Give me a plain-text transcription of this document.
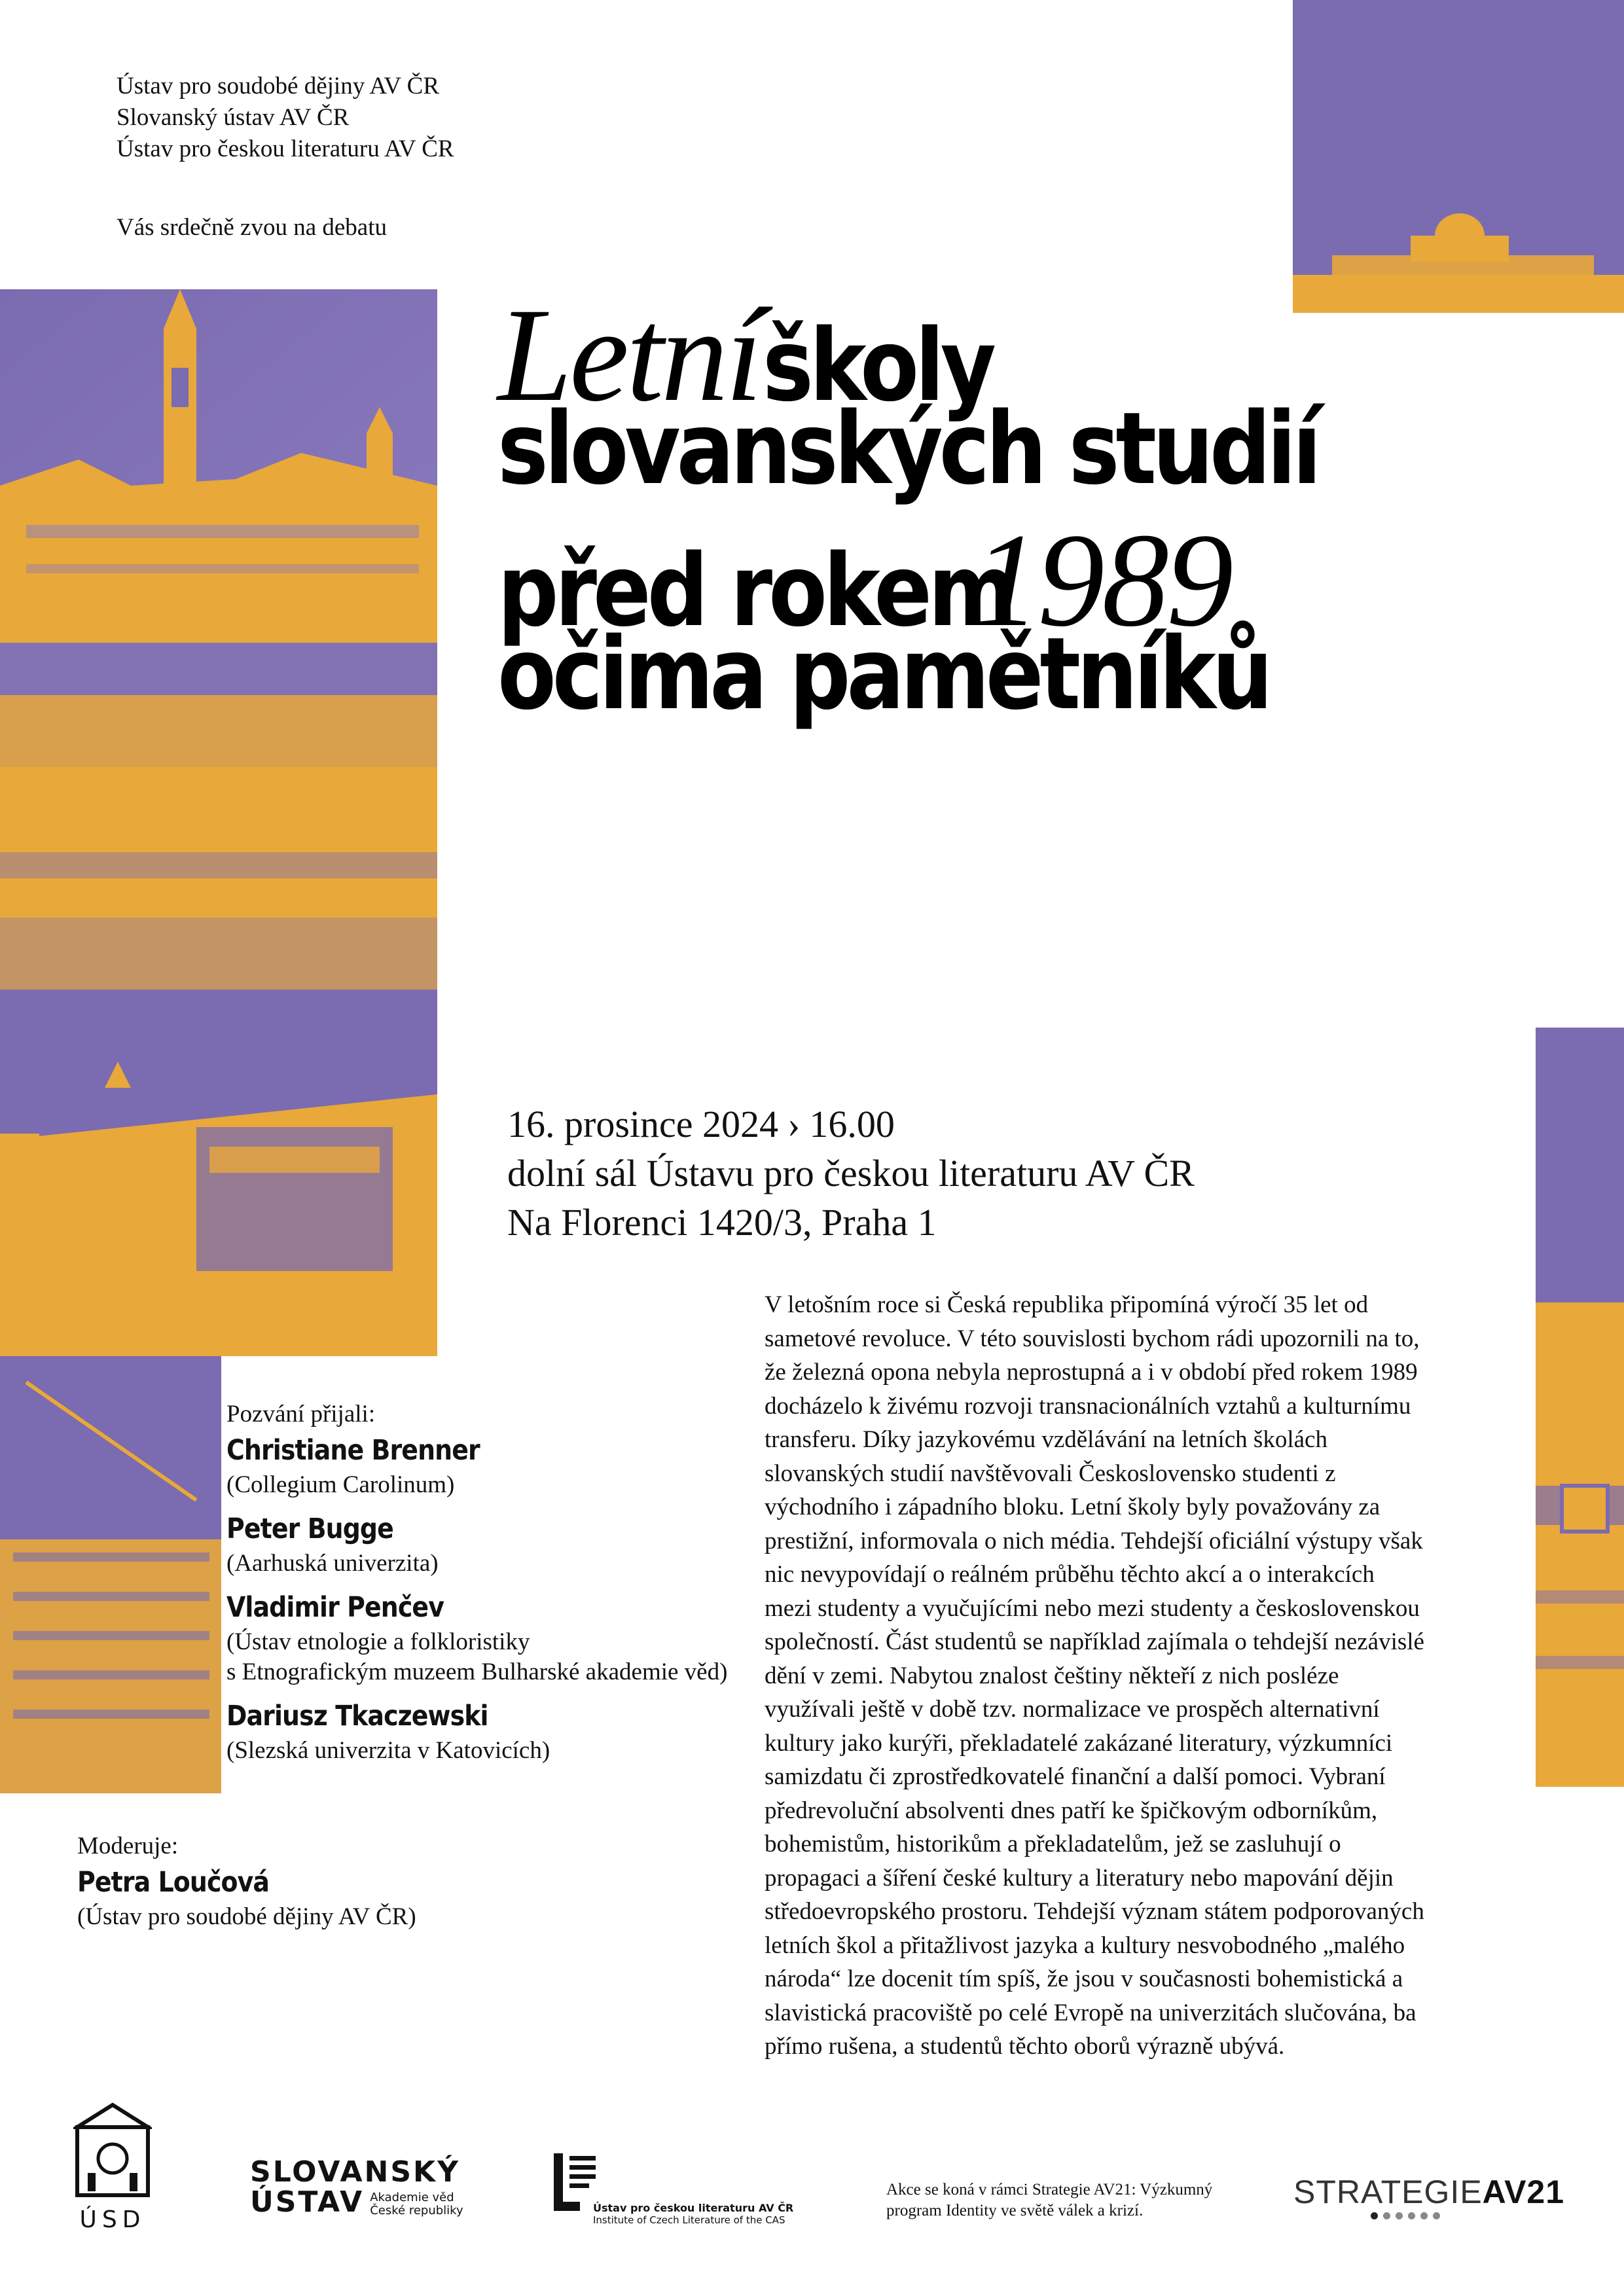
Ústav pro soudobé dějiny AV ČR
Slovanský ústav AV ČR
Ústav pro českou literaturu AV ČR
Vás srdečně zvou na debatu
Letní školy
slovanských studií
před rokem1989
očima pamětníků
16. prosince 2024 › 16.00
dolní sál Ústavu pro českou literaturu AV ČR
Na Florenci 1420/3, Praha 1
V letošním roce si Česká republika připomíná výročí 35 let od sametové revoluce. V této souvislosti bychom rádi upozornili na to, že železná opona nebyla neprostupná a i v období před rokem 1989 docházelo k živému rozvoji transnacionálních vztahů a kulturnímu transferu. Díky jazykovému vzdělávání na letních školách slovanských studií navštěvovali Československo studenti z východního i západního bloku. Letní školy byly považovány za prestižní, informovala o nich média. Tehdejší oficiální výstupy však nic nevypovídají o reálném průběhu těchto akcí a o interakcích mezi studenty a vyučujícími nebo mezi studenty a československou společností. Část studentů se například zajímala o tehdejší nezávislé dění v zemi. Nabytou znalost češtiny někteří z nich posléze využívali ještě v době tzv. normalizace ve prospěch alternativní kultury jako kurýři, překladatelé zakázané literatury, výzkumníci samizdatu či zprostředkovatelé finanční a další pomoci. Vybraní předrevoluční absolventi dnes patří ke špičkovým odborníkům, bohemistům, historikům a překladatelům, jež se zasluhují o propagaci a šíření české kultury a literatury nebo mapování dějin středoevropského prostoru. Tehdejší význam státem podporovaných letních škol a přitažlivost jazyka a kultury nesvobodného „malého národa“ lze docenit tím spíš, že jsou v současnosti bohemistická a slavistická pracoviště po celé Evropě na univerzitách slučována, ba přímo rušena, a studentů těchto oborů výrazně ubývá.
Pozvání přijali:
Christiane Brenner
(Collegium Carolinum)
Peter Bugge
(Aarhuská univerzita)
Vladimir Penčev
(Ústav etnologie a folkloristiky
s Etnografickým muzeem Bulharské akademie věd)
Dariusz Tkaczewski
(Slezská univerzita v Katovicích)
Moderuje:
Petra Loučová
(Ústav pro soudobé dějiny AV ČR)
ÚSD
SLOVANSKÝ
ÚSTAV Akademie věd
České republiky	Ústav pro českou literaturu AV ČR
Institute of Czech Literature of the CAS
Akce se koná v rámci Strategie AV21: Výzkumný program Identity ve světě válek a krizí.
STRATEGIEAV21
